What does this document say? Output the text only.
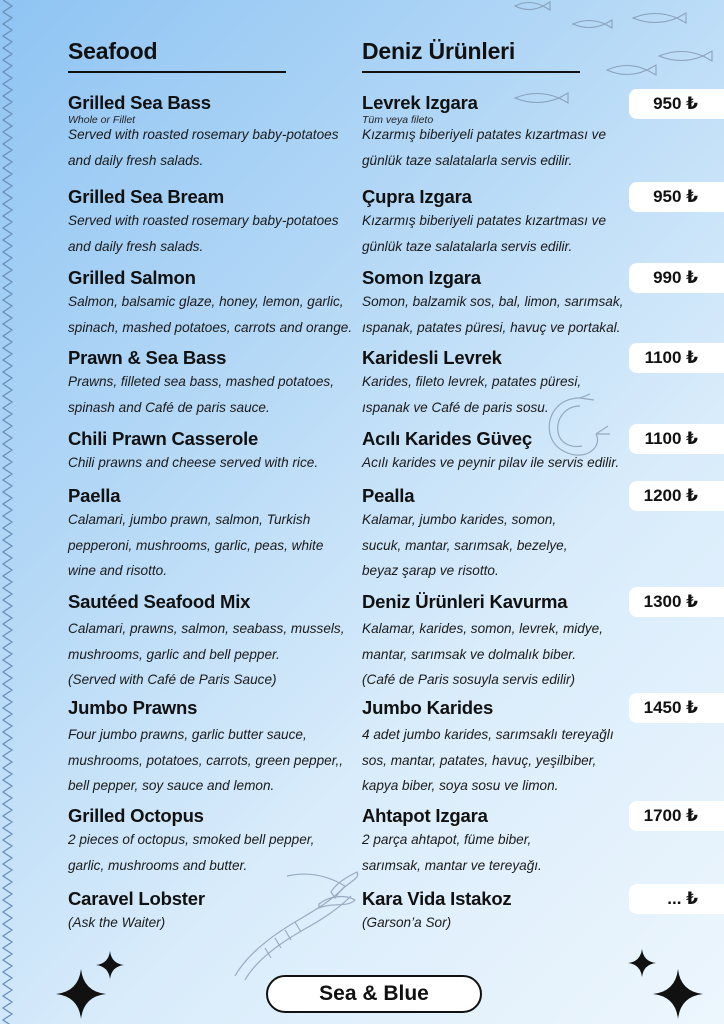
Seafood	Deniz Ürünleri
Grilled Sea Bass
Whole or Fillet
Served with roasted rosemary baby-potatoes
and daily fresh salads.
Levrek Izgara
Tüm veya fileto
Kızarmış biberiyeli patates kızartması ve
günlük taze salatalarla servis edilir.
950 ₺
Grilled Sea Bream
Served with roasted rosemary baby-potatoes
and daily fresh salads.
Çupra Izgara
Kızarmış biberiyeli patates kızartması ve
günlük taze salatalarla servis edilir.
950 ₺
Grilled Salmon
Salmon, balsamic glaze, honey, lemon, garlic,
spinach, mashed potatoes, carrots and orange.
Somon Izgara
Somon, balzamik sos, bal, limon, sarımsak,
ıspanak, patates püresi, havuç ve portakal.
990 ₺
Prawn & Sea Bass
Prawns, filleted sea bass, mashed potatoes,
spinash and Café de paris sauce.
Karidesli Levrek
Karides, fileto levrek, patates püresi,
ıspanak ve Café de paris sosu.
1100 ₺
Chili Prawn Casserole
Chili prawns and cheese served with rice.
Acılı Karides Güveç
Acılı karides ve peynir pilav ile servis edilir.
1100 ₺
Paella
Calamari, jumbo prawn, salmon, Turkish
pepperoni, mushrooms, garlic, peas, white
wine and risotto.
Pealla
Kalamar, jumbo karides, somon,
sucuk, mantar, sarımsak, bezelye,
beyaz şarap ve risotto.
1200 ₺
Sautéed Seafood Mix
Calamari, prawns, salmon, seabass, mussels,
mushrooms, garlic and bell pepper.
(Served with Café de Paris Sauce)
Deniz Ürünleri Kavurma
Kalamar, karides, somon, levrek, midye,
mantar, sarımsak ve dolmalık biber.
(Café de Paris sosuyla servis edilir)
1300 ₺
Jumbo Prawns
Four jumbo prawns, garlic butter sauce,
mushrooms, potatoes, carrots, green pepper,,
bell pepper, soy sauce and lemon.
Jumbo Karides
4 adet jumbo karides, sarımsaklı tereyağlı
sos, mantar, patates, havuç, yeşilbiber,
kapya biber, soya sosu ve limon.
1450 ₺
Grilled Octopus
2 pieces of octopus, smoked bell pepper,
garlic, mushrooms and butter.
Ahtapot Izgara
2 parça ahtapot, füme biber,
sarımsak, mantar ve tereyağı.
1700 ₺
Caravel Lobster
(Ask the Waiter)
Kara Vida Istakoz
(Garson’a Sor)
... ₺
Sea & Blue
